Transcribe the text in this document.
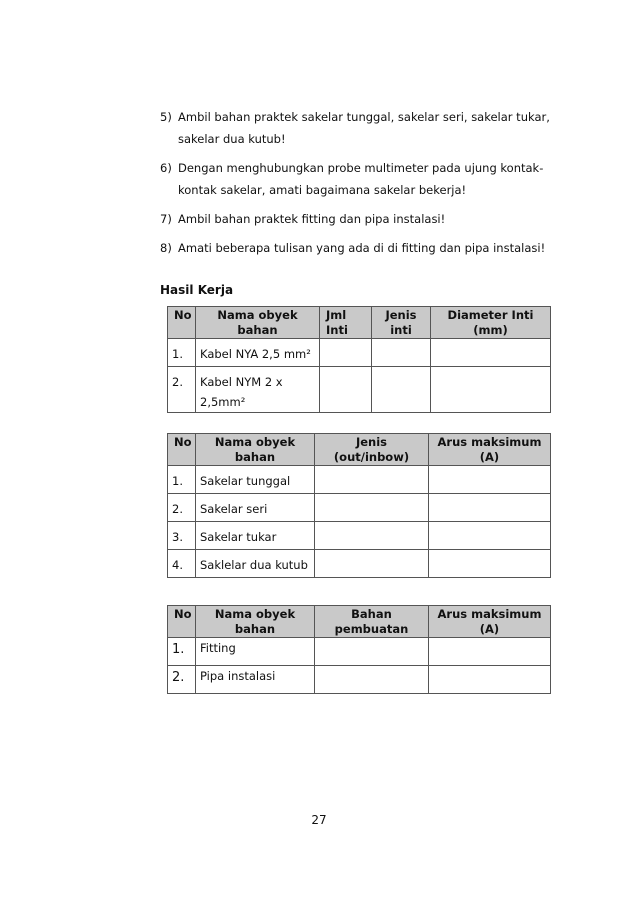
5) Ambil bahan praktek sakelar tunggal, sakelar seri, sakelar tukar, sakelar dua kutub!
6) Dengan menghubungkan probe multimeter pada ujung kontak-kontak sakelar, amati bagaimana sakelar bekerja!
7) Ambil bahan praktek fitting dan pipa instalasi!
8) Amati beberapa tulisan yang ada di di fitting dan pipa instalasi!
Hasil Kerja
No	Nama obyek bahan	Jml Inti	Jenis inti	Diameter Inti (mm)
1.	Kabel NYA 2,5 mm²			
2.	Kabel NYM 2 x 2,5mm²			
No	Nama obyek bahan	Jenis (out/inbow)	Arus maksimum (A)
1.	Sakelar tunggal		
2.	Sakelar seri		
3.	Sakelar tukar		
4.	Saklelar dua kutub		
No	Nama obyek bahan	Bahan pembuatan	Arus maksimum (A)
1.	Fitting		
2.	Pipa instalasi		
27
